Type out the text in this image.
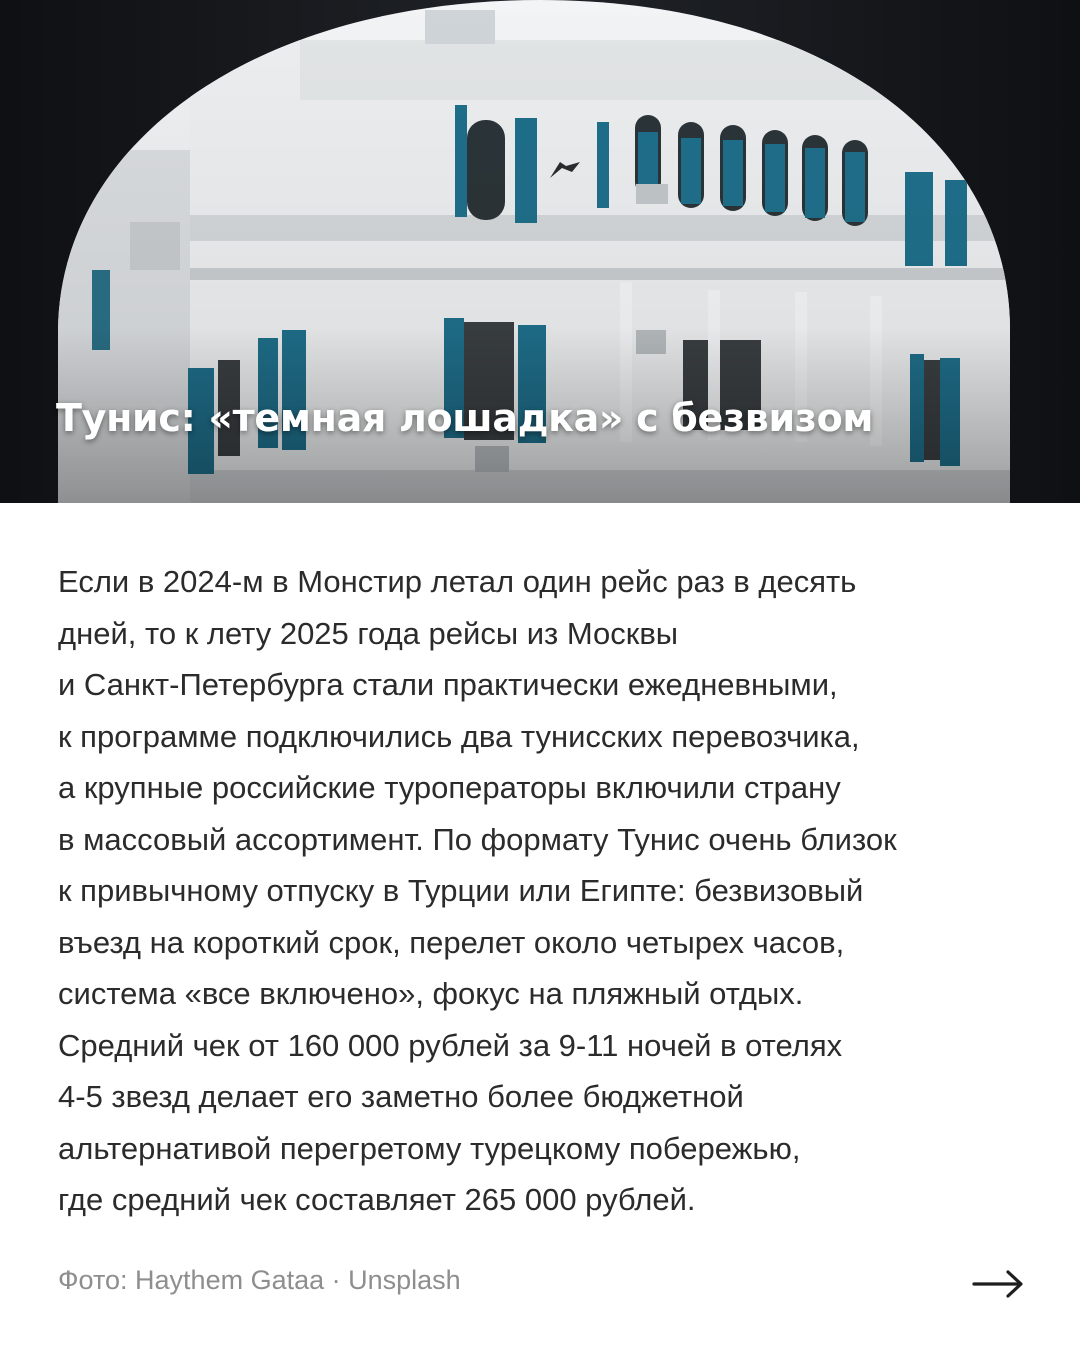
Тунис: «темная лошадка» с безвизом

Если в 2024-м в Монстир летал один рейс раз в десять
дней, то к лету 2025 года рейсы из Москвы
и Санкт-Петербурга стали практически ежедневными,
к программе подключились два тунисских перевозчика,
а крупные российские туроператоры включили страну
в массовый ассортимент. По формату Тунис очень близок
к привычному отпуску в Турции или Египте: безвизовый
въезд на короткий срок, перелет около четырех часов,
система «все включено», фокус на пляжный отдых.
Средний чек от 160 000 рублей за 9-11 ночей в отелях
4-5 звезд делает его заметно более бюджетной
альтернативой перегретому турецкому побережью,
где средний чек составляет 265 000 рублей.

Фото: Haythem Gataa · Unsplash
